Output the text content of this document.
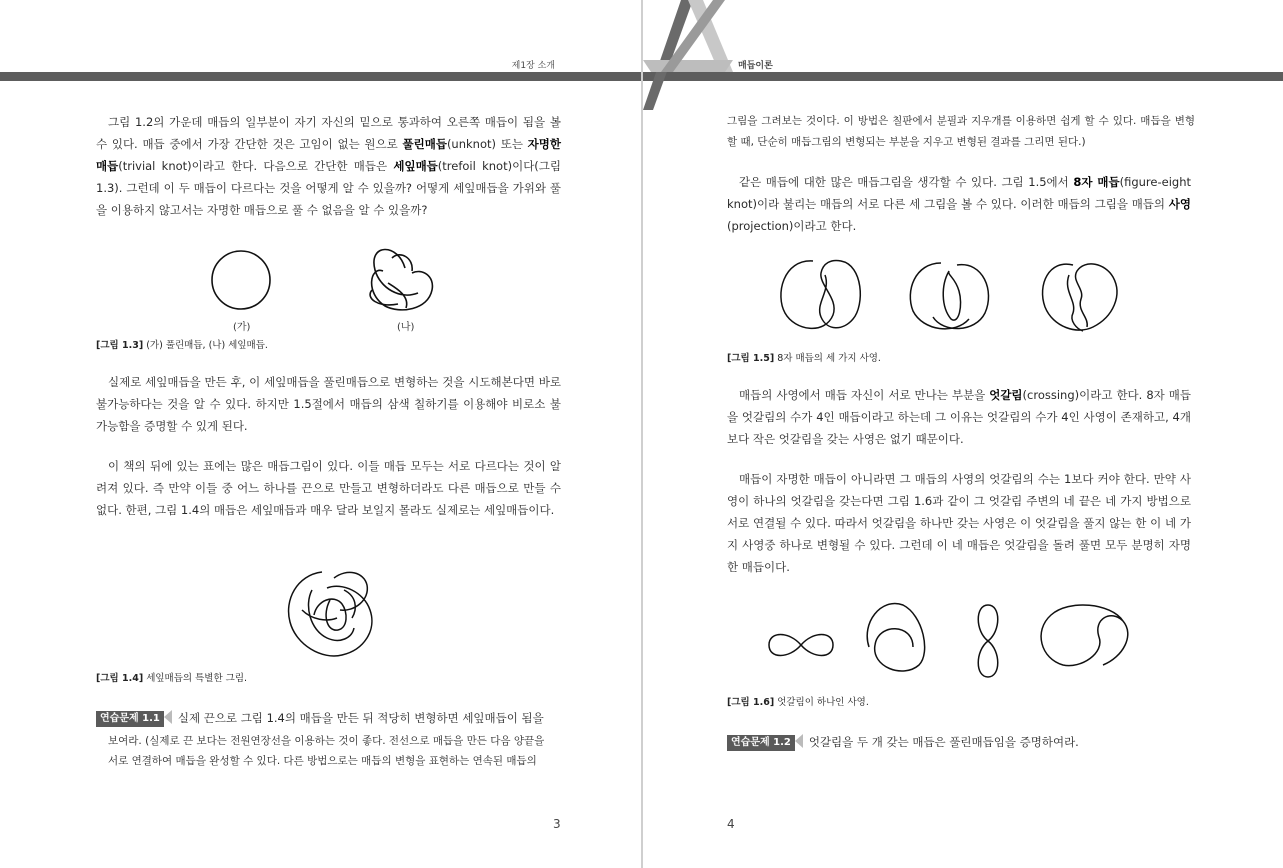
제1장 소개
그림 1.2의 가운데 매듭의 일부분이 자기 자신의 밑으로 통과하여 오른쪽 매듭이 됨을 볼 수 있다. 매듭 중에서 가장 간단한 것은 고임이 없는 원으로 풀린매듭(unknot) 또는 자명한 매듭(trivial knot)이라고 한다. 다음으로 간단한 매듭은 세잎매듭(trefoil knot)이다(그림 1.3). 그런데 이 두 매듭이 다르다는 것을 어떻게 알 수 있을까? 어떻게 세잎매듭을 가위와 풀을 이용하지 않고서는 자명한 매듭으로 풀 수 없음을 알 수 있을까?
(가)	(나)
[그림 1.3] (가) 풀린매듭, (나) 세잎매듭.
실제로 세잎매듭을 만든 후, 이 세잎매듭을 풀린매듭으로 변형하는 것을 시도해본다면 바로 불가능하다는 것을 알 수 있다. 하지만 1.5절에서 매듭의 삼색 칠하기를 이용해야 비로소 불가능함을 증명할 수 있게 된다.
이 책의 뒤에 있는 표에는 많은 매듭그림이 있다. 이들 매듭 모두는 서로 다르다는 것이 알려져 있다. 즉 만약 이들 중 어느 하나를 끈으로 만들고 변형하더라도 다른 매듭으로 만들 수 없다. 한편, 그림 1.4의 매듭은 세잎매듭과 매우 달라 보일지 몰라도 실제로는 세잎매듭이다.
[그림 1.4] 세잎매듭의 특별한 그림.
연습문제 1.1 실제 끈으로 그림 1.4의 매듭을 만든 뒤 적당히 변형하면 세잎매듭이 됨을
보여라. (실제로 끈 보다는 전원연장선을 이용하는 것이 좋다. 전선으로 매듭을 만든 다음 양끝을
서로 연결하여 매듭을 완성할 수 있다. 다른 방법으로는 매듭의 변형을 표현하는 연속된 매듭의
3
매듭이론
그림을 그려보는 것이다. 이 방법은 칠판에서 분필과 지우개를 이용하면 쉽게 할 수 있다. 매듭을 변형할 때, 단순히 매듭그림의 변형되는 부분을 지우고 변형된 결과를 그리면 된다.)
같은 매듭에 대한 많은 매듭그림을 생각할 수 있다. 그림 1.5에서 8자 매듭(figure-eight knot)이라 불리는 매듭의 서로 다른 세 그림을 볼 수 있다. 이러한 매듭의 그림을 매듭의 사영(projection)이라고 한다.
[그림 1.5] 8자 매듭의 세 가지 사영.
매듭의 사영에서 매듭 자신이 서로 만나는 부분을 엇갈림(crossing)이라고 한다. 8자 매듭을 엇갈림의 수가 4인 매듭이라고 하는데 그 이유는 엇갈림의 수가 4인 사영이 존재하고, 4개보다 작은 엇갈림을 갖는 사영은 없기 때문이다.
매듭이 자명한 매듭이 아니라면 그 매듭의 사영의 엇갈림의 수는 1보다 커야 한다. 만약 사영이 하나의 엇갈림을 갖는다면 그림 1.6과 같이 그 엇갈림 주변의 네 끝은 네 가지 방법으로 서로 연결될 수 있다. 따라서 엇갈림을 하나만 갖는 사영은 이 엇갈림을 풀지 않는 한 이 네 가지 사영중 하나로 변형될 수 있다. 그런데 이 네 매듭은 엇갈림을 돌려 풀면 모두 분명히 자명한 매듭이다.
[그림 1.6] 엇갈림이 하나인 사영.
연습문제 1.2 엇갈림을 두 개 갖는 매듭은 풀린매듭임을 증명하여라.
4
